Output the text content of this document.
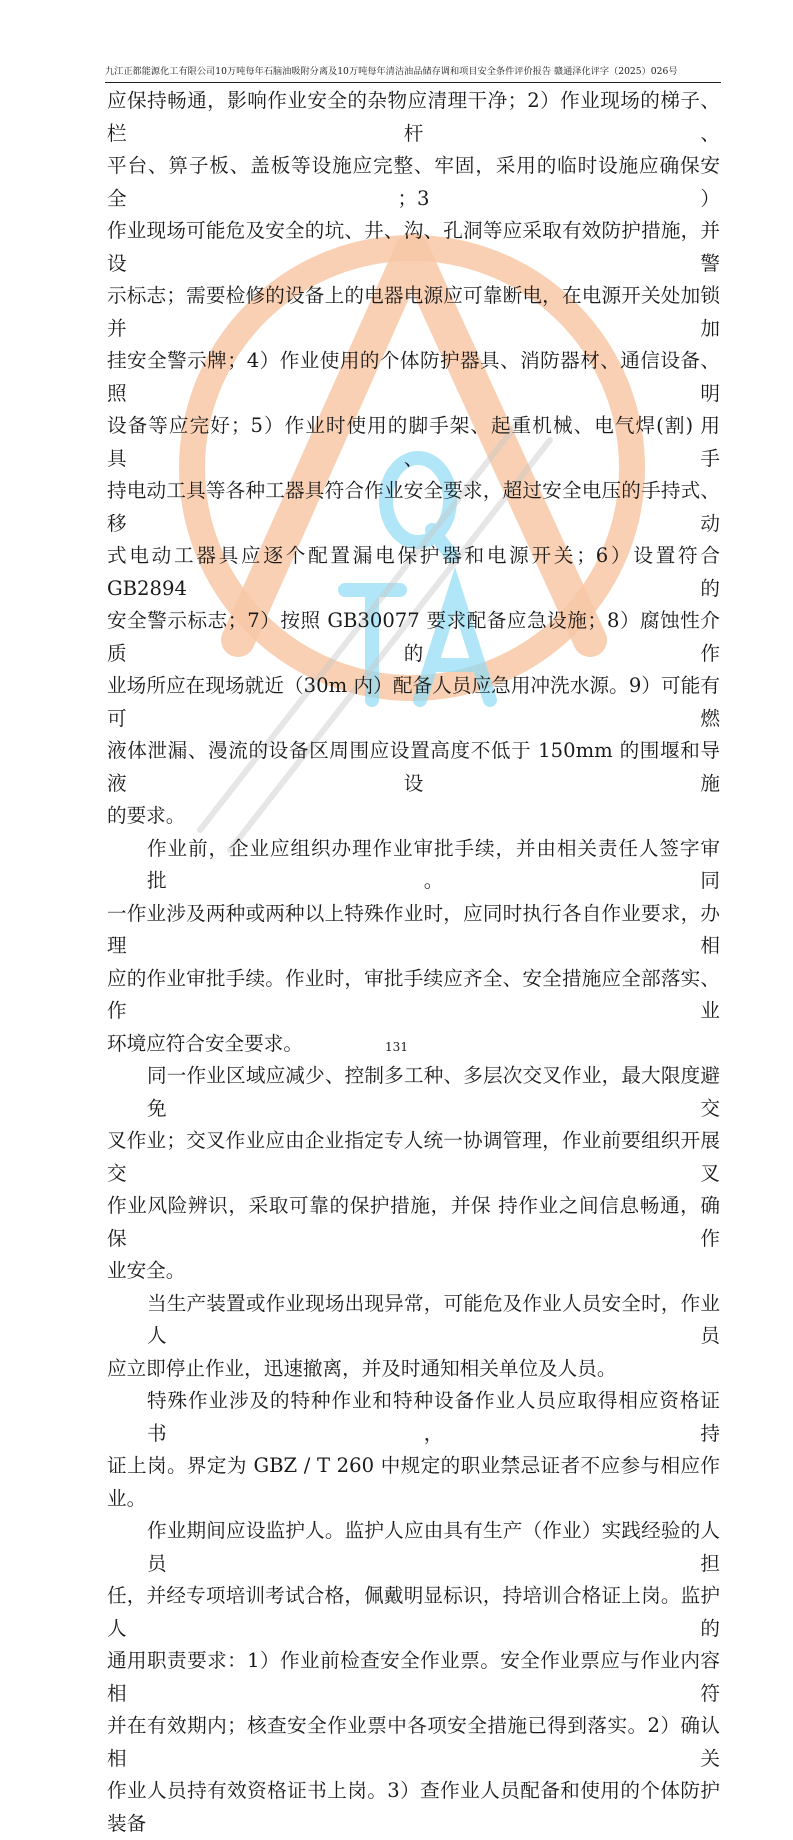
九江正都能源化工有限公司10万吨每年石脑油吸附分离及10万吨每年清洁油品储存调和项目安全条件评价报告 赣通泽化评字（2025）026号
应保持畅通，影响作业安全的杂物应清理干净；2）作业现场的梯子、栏杆、
平台、箅子板、盖板等设施应完整、牢固，采用的临时设施应确保安全；3）
作业现场可能危及安全的坑、井、沟、孔洞等应采取有效防护措施，并设警
示标志；需要检修的设备上的电器电源应可靠断电，在电源开关处加锁并加
挂安全警示牌；4）作业使用的个体防护器具、消防器材、通信设备、照明
设备等应完好；5）作业时使用的脚手架、起重机械、电气焊(割) 用具、手
持电动工具等各种工器具符合作业安全要求，超过安全电压的手持式、移动
式电动工器具应逐个配置漏电保护器和电源开关；6）设置符合 GB2894 的
安全警示标志；7）按照 GB30077 要求配备应急设施；8）腐蚀性介质的作
业场所应在现场就近（30m 内）配备人员应急用冲洗水源。9）可能有可燃
液体泄漏、漫流的设备区周围应设置高度不低于 150mm 的围堰和导液设施
的要求。
作业前，企业应组织办理作业审批手续，并由相关责任人签字审批。同
一作业涉及两种或两种以上特殊作业时，应同时执行各自作业要求，办理相
应的作业审批手续。作业时，审批手续应齐全、安全措施应全部落实、作业
环境应符合安全要求。
同一作业区域应减少、控制多工种、多层次交叉作业，最大限度避免交
叉作业；交叉作业应由企业指定专人统一协调管理，作业前要组织开展交叉
作业风险辨识，采取可靠的保护措施，并保 持作业之间信息畅通，确保作
业安全。
当生产装置或作业现场出现异常，可能危及作业人员安全时，作业人员
应立即停止作业，迅速撤离，并及时通知相关单位及人员。
特殊作业涉及的特种作业和特种设备作业人员应取得相应资格证书，持
证上岗。界定为 GBZ / T 260 中规定的职业禁忌证者不应参与相应作业。
作业期间应设监护人。监护人应由具有生产（作业）实践经验的人员担
任，并经专项培训考试合格，佩戴明显标识，持培训合格证上岗。监护人的
通用职责要求：1）作业前检查安全作业票。安全作业票应与作业内容相符
并在有效期内；核查安全作业票中各项安全措施已得到落实。2）确认相关
作业人员持有效资格证书上岗。3）查作业人员配备和使用的个体防护装备
131
